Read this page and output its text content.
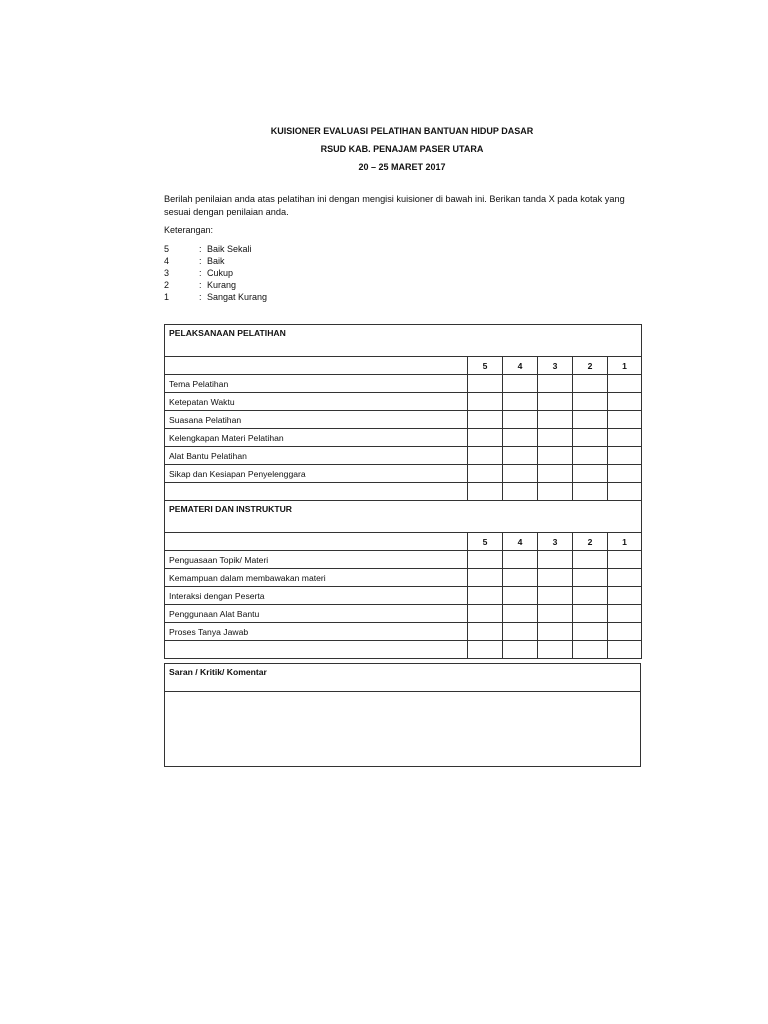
KUISIONER EVALUASI PELATIHAN BANTUAN HIDUP DASAR
RSUD KAB. PENAJAM PASER UTARA
20 – 25 MARET 2017
Berilah penilaian anda atas pelatihan ini dengan mengisi kuisioner di bawah ini. Berikan tanda X pada kotak yang sesuai dengan penilaian anda.
Keterangan:
5	: Baik Sekali
4	: Baik
3	: Cukup
2	: Kurang
1	: Sangat Kurang
PELAKSANAAN PELATIHAN					
	5	4	3	2	1
Tema Pelatihan					
Ketepatan Waktu					
Suasana Pelatihan					
Kelengkapan Materi Pelatihan					
Alat Bantu Pelatihan					
Sikap dan Kesiapan Penyelenggara					

PEMATERI DAN INSTRUKTUR					
	5	4	3	2	1
Penguasaan Topik/ Materi					
Kemampuan dalam membawakan materi					
Interaksi dengan Peserta					
Penggunaan Alat Bantu					
Proses Tanya Jawab					

Saran / Kritik/ Komentar
